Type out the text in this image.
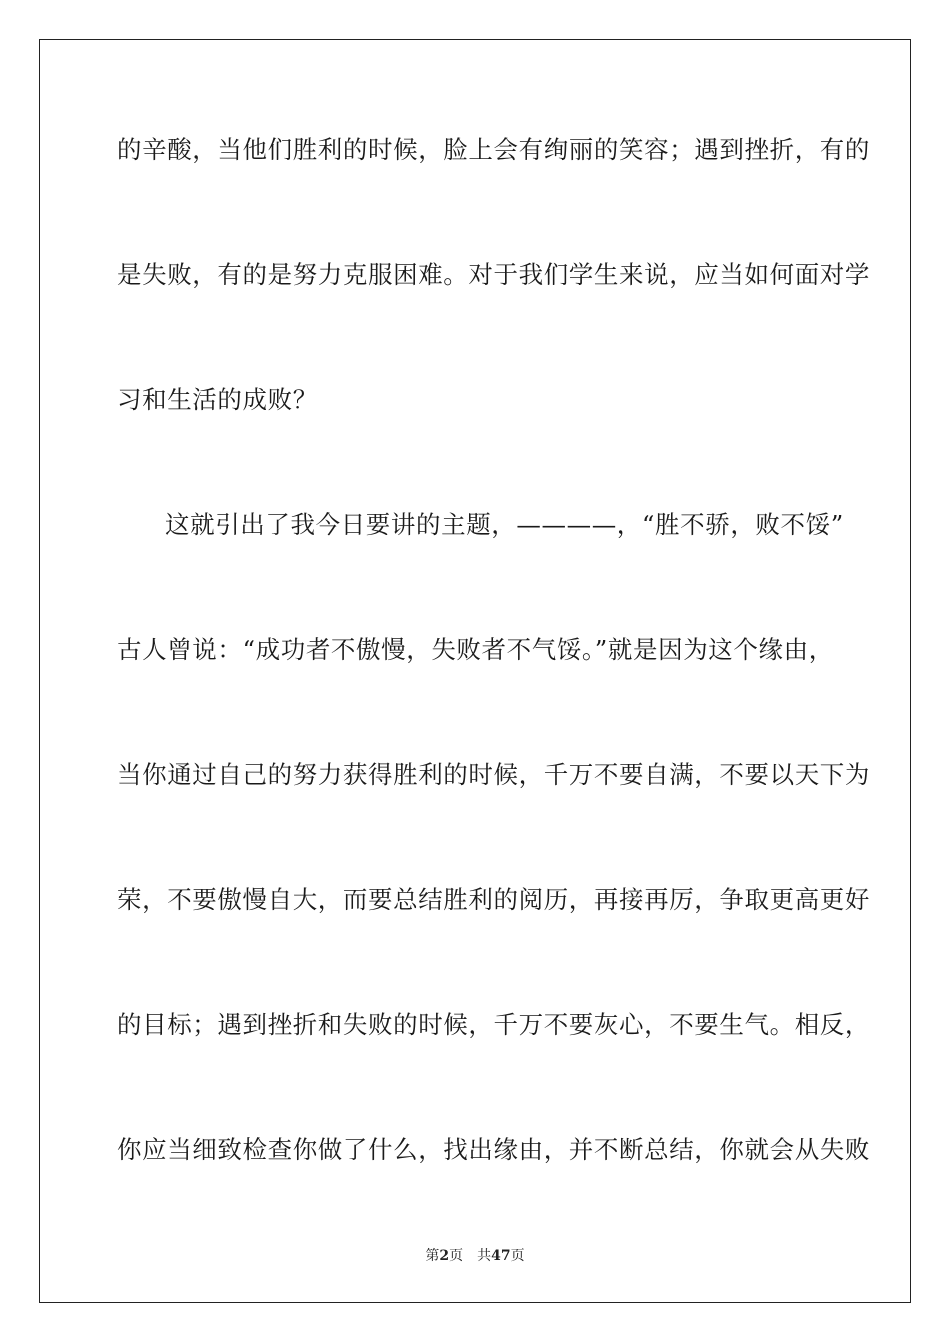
的辛酸，当他们胜利的时候，脸上会有绚丽的笑容；遇到挫折，有的
是失败，有的是努力克服困难。对于我们学生来说，应当如何面对学
习和生活的成败？
这就引出了我今日要讲的主题，————，“胜不骄，败不馁”
古人曾说：“成功者不傲慢，失败者不气馁。”就是因为这个缘由，
当你通过自己的努力获得胜利的时候，千万不要自满，不要以天下为
荣，不要傲慢自大，而要总结胜利的阅历，再接再厉，争取更高更好
的目标；遇到挫折和失败的时候，千万不要灰心，不要生气。相反，
你应当细致检查你做了什么，找出缘由，并不断总结，你就会从失败
第2页 共47页
